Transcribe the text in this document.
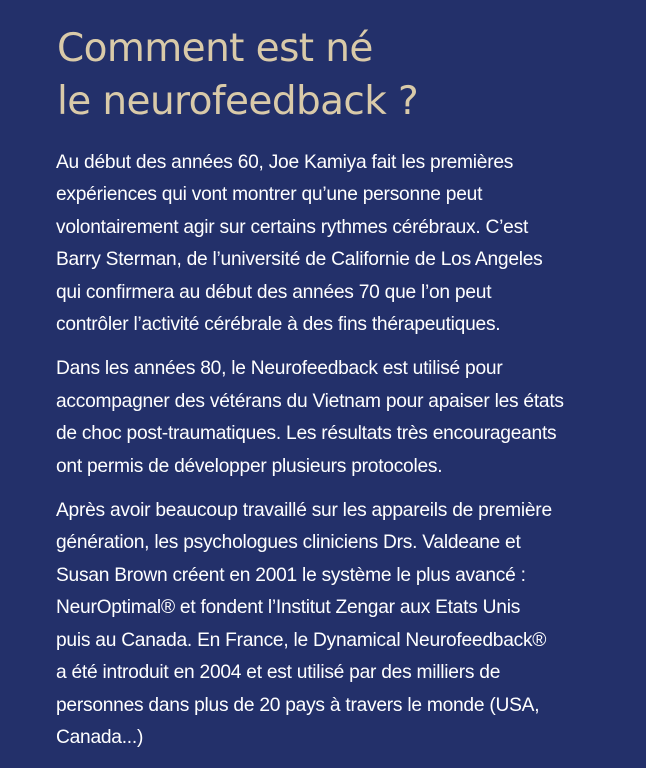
Comment est né
le neurofeedback ?

Au début des années 60, Joe Kamiya fait les premières
expériences qui vont montrer qu’une personne peut
volontairement agir sur certains rythmes cérébraux. C’est
Barry Sterman, de l’université de Californie de Los Angeles
qui confirmera au début des années 70 que l’on peut
contrôler l’activité cérébrale à des fins thérapeutiques.

Dans les années 80, le Neurofeedback est utilisé pour
accompagner des vétérans du Vietnam pour apaiser les états
de choc post-traumatiques. Les résultats très encourageants
ont permis de développer plusieurs protocoles.

Après avoir beaucoup travaillé sur les appareils de première
génération, les psychologues cliniciens Drs. Valdeane et
Susan Brown créent en 2001 le système le plus avancé :
NeurOptimal® et fondent l’Institut Zengar aux Etats Unis
puis au Canada. En France, le Dynamical Neurofeedback®
a été introduit en 2004 et est utilisé par des milliers de
personnes dans plus de 20 pays à travers le monde (USA,
Canada...)
